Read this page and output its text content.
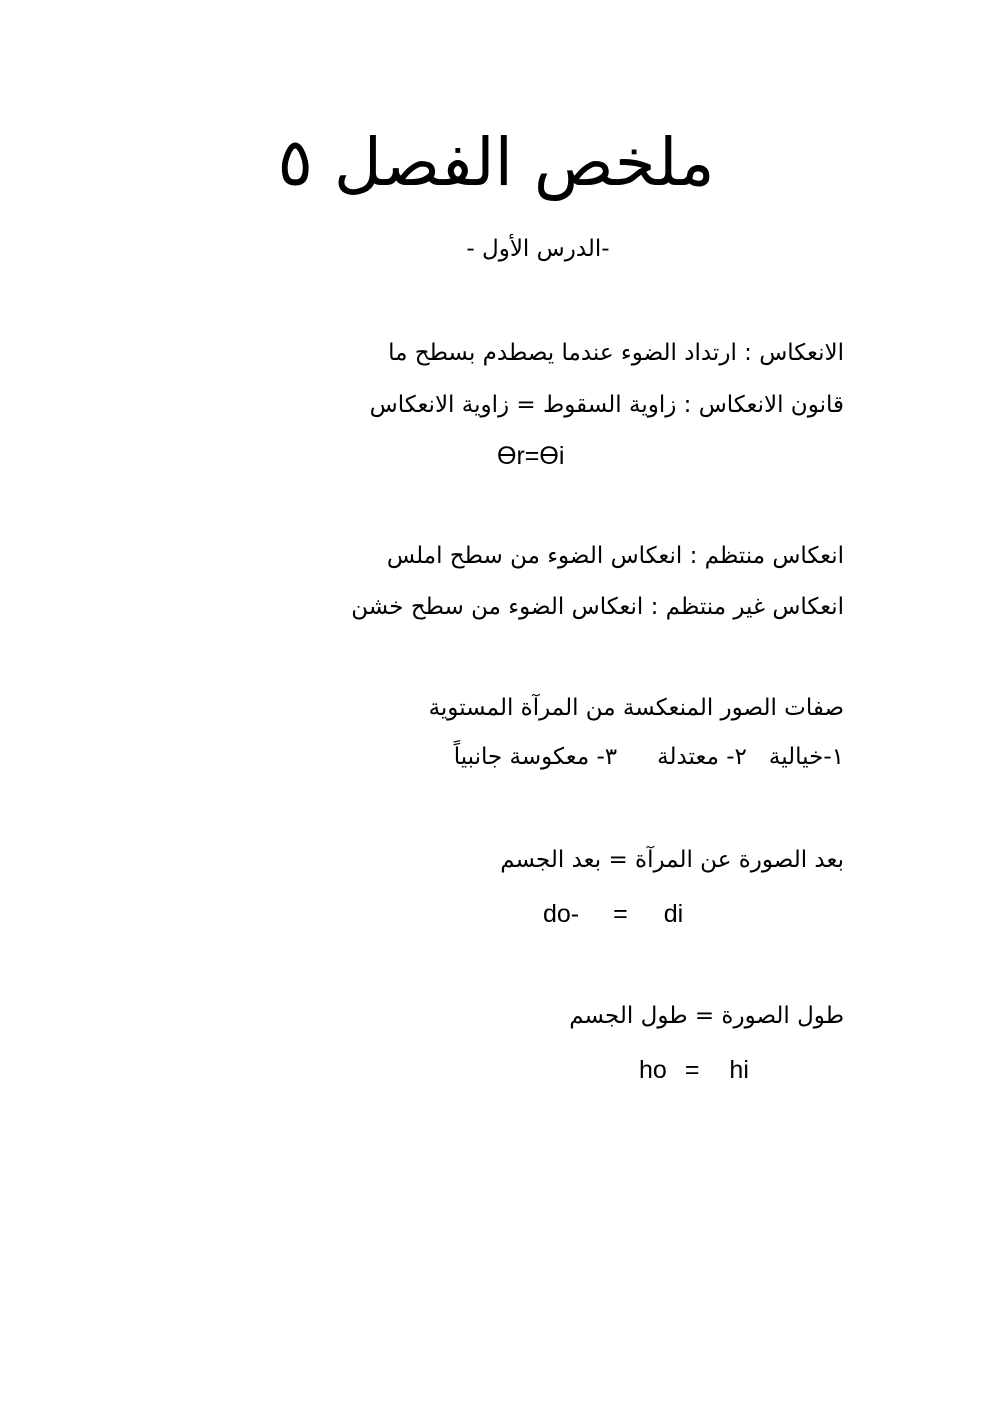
ملخص الفصل ٥
-الدرس الأول -
الانعكاس : ارتداد الضوء عندما يصطدم بسطح ما
قانون الانعكاس : زاوية السقوط = زاوية الانعكاس
Ɵr=Ɵi
انعكاس منتظم : انعكاس الضوء من سطح املس
انعكاس غير منتظم : انعكاس الضوء من سطح خشن
صفات الصور المنعكسة من المرآة المستوية
١-خيالية٢- معتدلة٣- معكوسة جانبياً
بعد الصورة عن المرآة = بعد الجسم
do- = di
طول الصورة = طول الجسم
ho = hi
